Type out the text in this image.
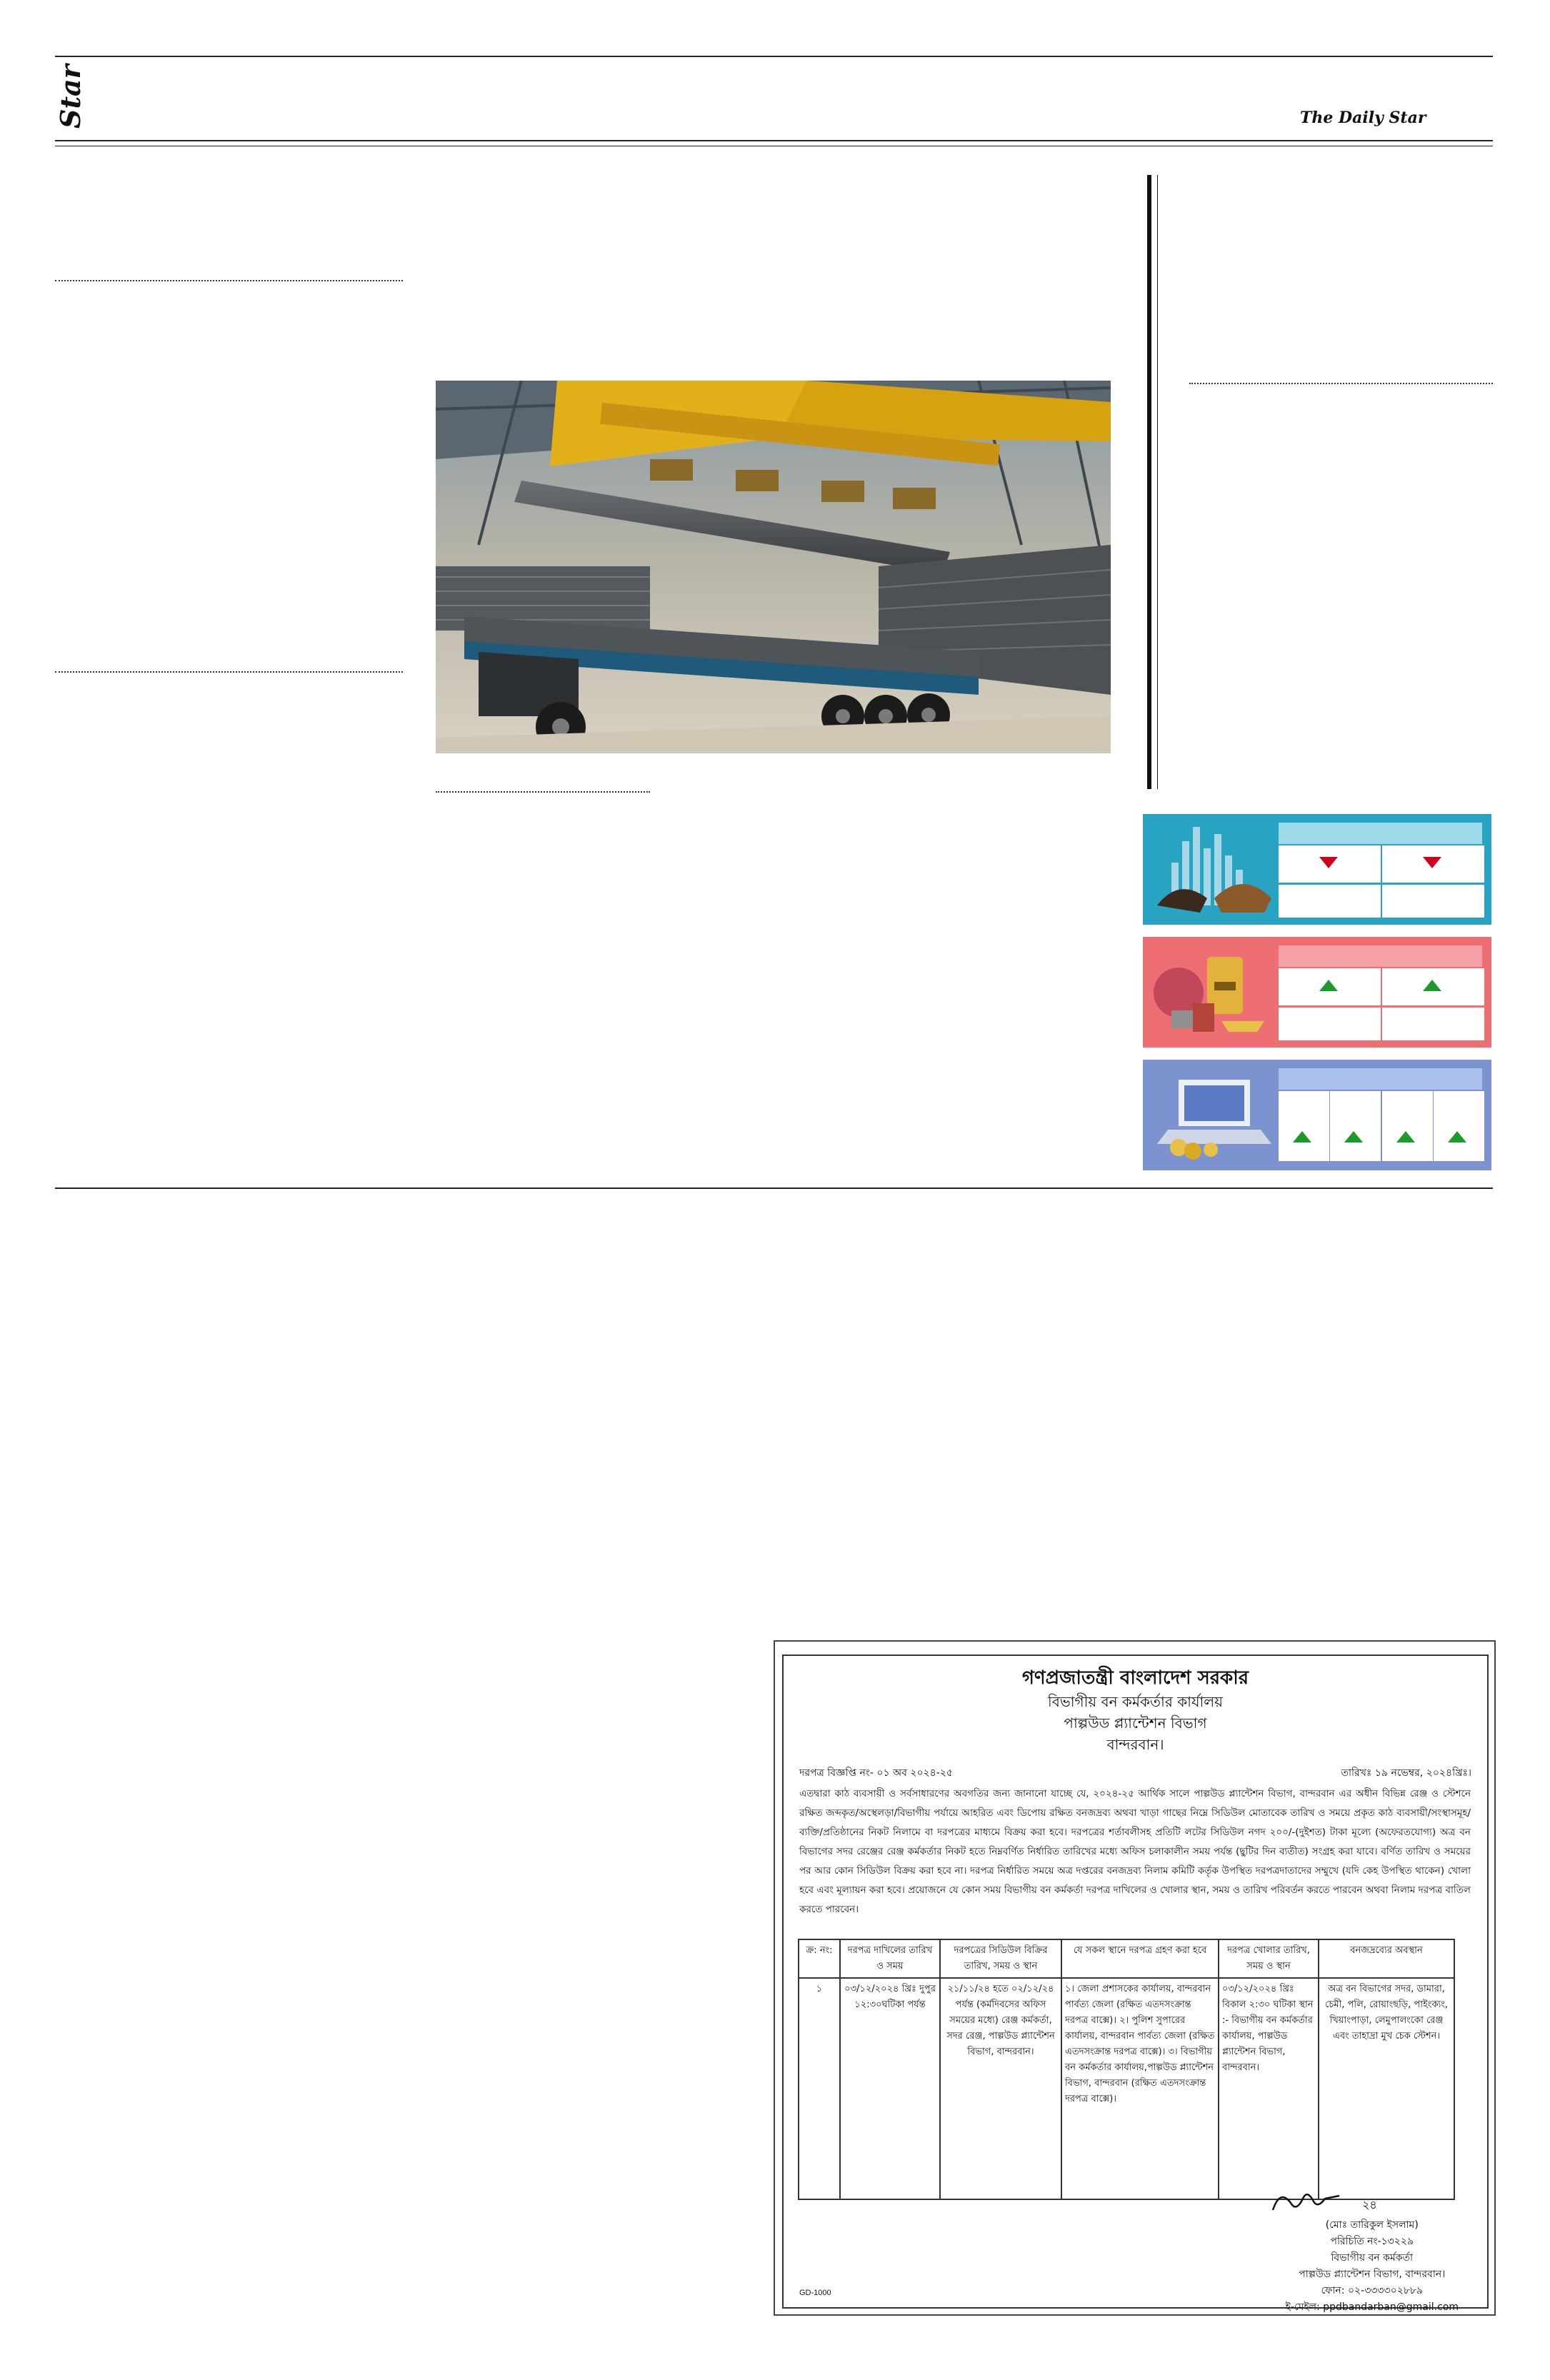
Star	The Daily Star
গণপ্রজাতন্ত্রী বাংলাদেশ সরকার
বিভাগীয় বন কর্মকর্তার কার্যালয়
পাল্পউড প্ল্যান্টেশন বিভাগ
বান্দরবান।
দরপত্র বিজ্ঞপ্তি নং- ০১ অব ২০২৪-২৫	তারিখঃ ১৯ নভেম্বর, ২০২৪খ্রিঃ।
এতদ্বারা কাঠ ব্যবসায়ী ও সর্বসাধারণের অবগতির জন্য জানানো যাচ্ছে যে, ২০২৪-২৫ আর্থিক সালে পাল্পউড প্ল্যান্টেশন বিভাগ, বান্দরবান এর অধীন বিভিন্ন রেঞ্জ ও স্টেশনে রক্ষিত জব্দকৃত/অস্থেলড়া/বিভাগীয় পর্যায়ে আহরিত এবং ডিপোয় রক্ষিত বনজদ্রব্য অথবা খাড়া গাছের নিম্নে সিডিউল মোতাবেক তারিখ ও সময়ে প্রকৃত কাঠ ব্যবসায়ী/সংস্থাসমূহ/ব্যক্তি/প্রতিষ্ঠানের নিকট নিলামে বা দরপত্রের মাধ্যমে বিক্রয় করা হবে। দরপত্রের শর্তাবলীসহ প্রতিটি লটের সিডিউল নগদ ২০০/-(দুইশত) টাকা মূল্যে (অফেরতযোগ্য) অত্র বন বিভাগের সদর রেঞ্জের রেঞ্জ কর্মকর্তার নিকট হতে নিম্নবর্ণিত নির্ধারিত তারিখের মধ্যে অফিস চলাকালীন সময় পর্যন্ত (ছুটির দিন ব্যতীত) সংগ্রহ করা যাবে। বর্ণিত তারিখ ও সময়ের পর আর কোন সিডিউল বিক্রয় করা হবে না। দরপত্র নির্ধারিত সময়ে অত্র দপ্তরের বনজদ্রব্য নিলাম কমিটি কর্তৃক উপস্থিত দরপত্রদাতাদের সম্মুখে (যদি কেহ উপস্থিত থাকেন) খোলা হবে এবং মূল্যায়ন করা হবে। প্রয়োজনে যে কোন সময় বিভাগীয় বন কর্মকর্তা দরপত্র দাখিলের ও খোলার স্থান, সময় ও তারিখ পরিবর্তন করতে পারবেন অথবা নিলাম দরপত্র বাতিল করতে পারবেন।
ক্র: নং:	দরপত্র দাখিলের তারিখ ও সময়	দরপত্রের সিডিউল বিক্রির তারিখ, সময় ও স্থান	যে সকল স্থানে দরপত্র গ্রহণ করা হবে	দরপত্র খোলার তারিখ, সময় ও স্থান	বনজদ্রব্যের অবস্থান
১	০৩/১২/২০২৪ খ্রিঃ দুপুর ১২:৩০ঘটিকা পর্যন্ত	২১/১১/২৪ হতে ০২/১২/২৪ পর্যন্ত (কর্মদিবসের অফিস সময়ের মধ্যে) রেঞ্জ কর্মকর্তা, সদর রেঞ্জ, পাল্পউড প্ল্যান্টেশন বিভাগ, বান্দরবান।	১। জেলা প্রশাসকের কার্যালয়, বান্দরবান পার্বত্য জেলা (রক্ষিত এতদসংক্রান্ত দরপত্র বাক্সে)। ২। পুলিশ সুপারের কার্যালয়, বান্দরবান পার্বত্য জেলা (রক্ষিত এতদসংক্রান্ত দরপত্র বাক্সে)। ৩। বিভাগীয় বন কর্মকর্তার কার্যালয়,পাল্পউড প্ল্যান্টেশন বিভাগ, বান্দরবান (রক্ষিত এতদসংক্রান্ত দরপত্র বাক্সে)।	০৩/১২/২০২৪ খ্রিঃ বিকাল ২:৩০ ঘটিকা স্থান :- বিভাগীয় বন কর্মকর্তার কার্যালয়, পাল্পউড প্ল্যান্টেশন বিভাগ, বান্দরবান।	অত্র বন বিভাগের সদর, ডামারা, চেমী, পলি, রোয়াংছড়ি, পাইংক্যং, খিয়াংপাড়া, লেমুপালংকো রেঞ্জ এবং তাহাদ্রা মুখ চেক স্টেশন।
২৪
(মোঃ তারিকুল ইসলাম)
পরিচিতি নং-১৩২২৯
বিভাগীয় বন কর্মকর্তা
পাল্পউড প্ল্যান্টেশন বিভাগ, বান্দরবান।
ফোন: ০২-৩৩৩৩০২৮৮৯
ই-মেইল: ppdbandarban@gmail.com
GD-1000
